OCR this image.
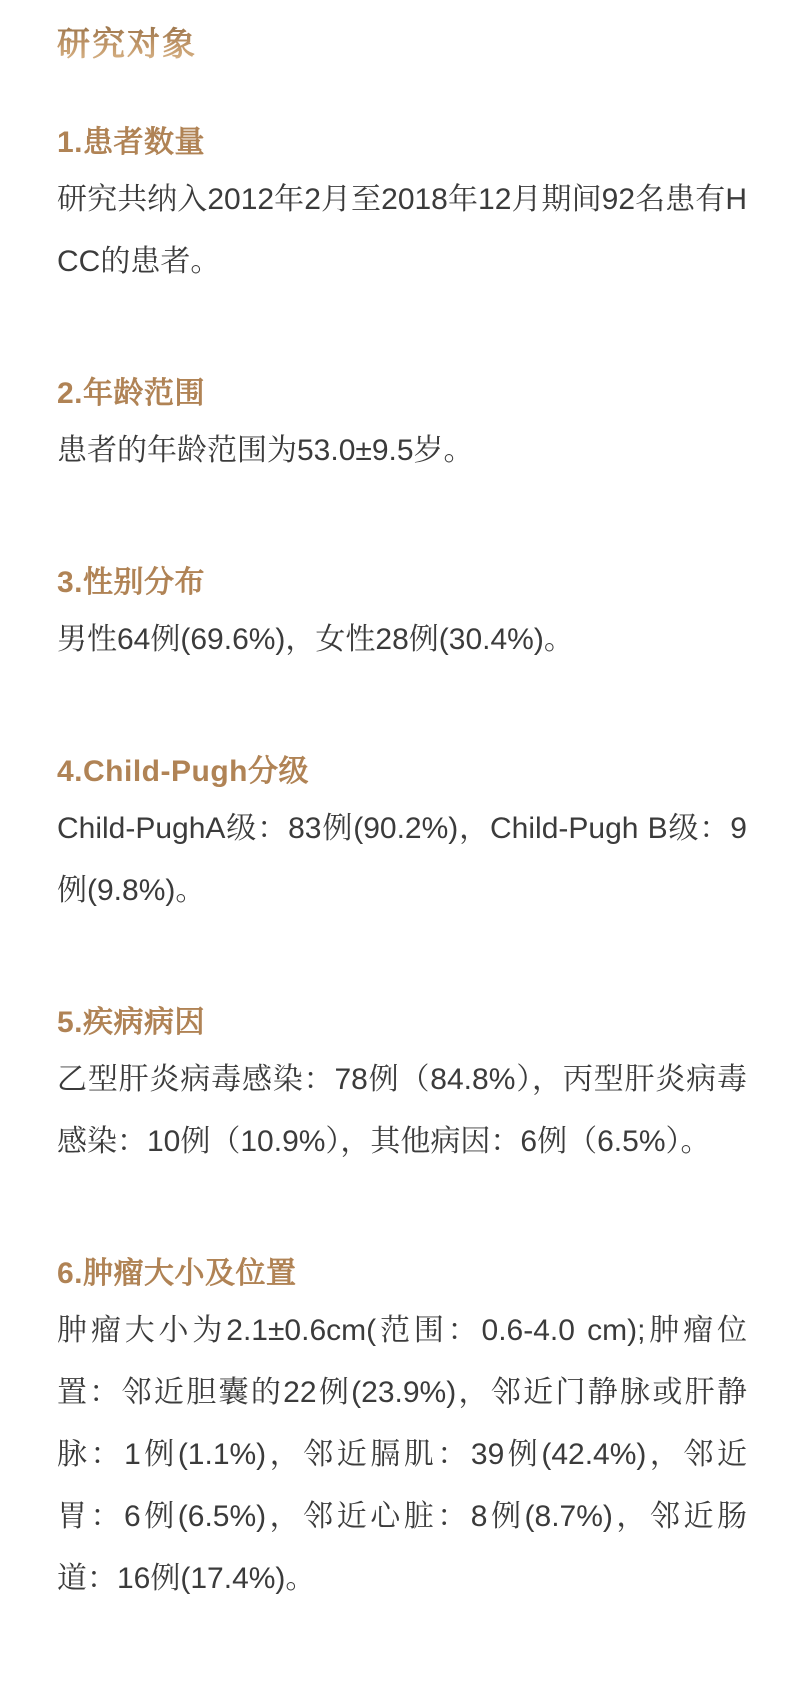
研究对象
1.患者数量

研究共纳入2012年2月至2018年12月期间92名患有HCC的患者。

2.年龄范围

患者的年龄范围为53.0±9.5岁。

3.性别分布

男性64例(69.6%)，女性28例(30.4%)。

4.Child-Pugh分级

Child-PughA级：83例(90.2%)，Child-Pugh B级：9例(9.8%)。

5.疾病病因

乙型肝炎病毒感染：78例（84.8%），丙型肝炎病毒感染：10例（10.9%），其他病因：6例（6.5%）。

6.肿瘤大小及位置

肿瘤大小为2.1±0.6cm(范围：0.6-4.0 cm);肿瘤位置：邻近胆囊的22例(23.9%)，邻近门静脉或肝静脉：1例(1.1%)，邻近膈肌：39例(42.4%)，邻近胃：6例(6.5%)，邻近心脏：8例(8.7%)，邻近肠道：16例(17.4%)。
